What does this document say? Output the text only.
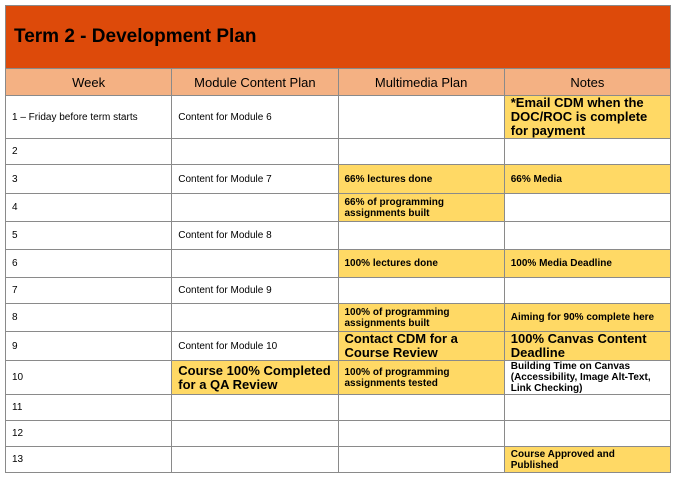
Term 2 - Development Plan			
Week	Module Content Plan	Multimedia Plan	Notes
1 – Friday before term starts	Content for Module 6		*Email CDM when the DOC/ROC is complete for payment
2			
3	Content for Module 7	66% lectures done	66% Media
4		66% of programming assignments built	
5	Content for Module 8		
6		100% lectures done	100% Media Deadline
7	Content for Module 9		
8		100% of programming assignments built	Aiming for 90% complete here
9	Content for Module 10	Contact CDM for a Course Review	100% Canvas Content Deadline
10	Course 100% Completed for a QA Review	100% of programming assignments tested	Building Time on Canvas (Accessibility, Image Alt-Text, Link Checking)
11			
12			
13			Course Approved and Published
